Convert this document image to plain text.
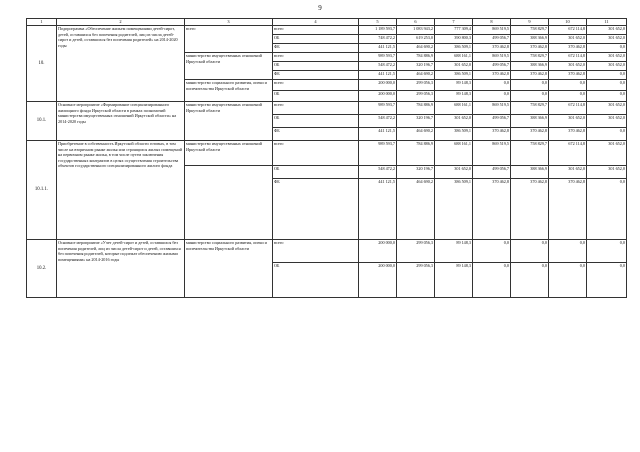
9
1	2	3	4	5	6	7	8	9	10	11
10.	Подпрограмма «Обеспечение жильем помещениями детей-сирот, детей, оставшихся без попечения родителей, лиц из числа детей-сирот и детей, оставшихся без попечения родителей» на 2014-2020 годы	всего	всего	1 189 593,7	1 083 943,2	777 309,4	869 519,5	758 829,7	672 114,8	301 652,0
			ОБ	748 472,2	619 253,0	390 800,3	499 056,7	388 366,9	301 652,0	301 652,0
			ФБ	441 121,5	464 690,2	386 509,1	370 462,8	370 462,8	370 462,8	0,0
		министерство имущественных отношений Иркутской области	всего	989 593,7	784 886,9	688 161,1	869 519,5	758 829,7	672 114,8	301 652,0
			ОБ	548 472,2	320 196,7	301 652,0	499 056,7	388 366,9	301 652,0	301 652,0
			ФБ	441 121,5	464 690,2	386 509,1	370 462,8	370 462,8	370 462,8	0,0
		министерство социального развития, опеки и попечительства Иркутской области	всего	200 000,0	299 056,3	89 148,3	0,0	0,0	0,0	0,0
			ОБ	200 000,0	299 056,3	89 148,3	0,0	0,0	0,0	0,0
10.1.	Основное мероприятие «Формирование специализированного жилищного фонда Иркутской области в рамках полномочий министерства имущественных отношений Иркутской области» на 2014-2020 годы	министерство имущественных отношений Иркутской области	всего	989 593,7	784 886,9	688 161,1	869 519,5	758 829,7	672 114,8	301 652,0
			ОБ	548 472,2	320 196,7	301 652,0	499 056,7	388 366,9	301 652,0	301 652,0
			ФБ	441 121,5	464 690,2	386 509,1	370 462,8	370 462,8	370 462,8	0,0
10.1.1.	Приобретение в собственность Иркутской области готовых, в том числе на вторичном рынке жилья или строящихся жилых помещений на первичном рынке жилья, в том числе путем заключения государственных контрактов в целях осуществления строительства объектов государственного специализированного жилого фонда	министерство имущественных отношений Иркутской области	всего	989 593,7	784 886,9	688 161,1	869 519,5	758 829,7	672 114,8	301 652,0
			ОБ	548 472,2	320 196,7	301 652,0	499 056,7	388 366,9	301 652,0	301 652,0
			ФБ	441 121,5	464 690,2	386 509,1	370 462,8	370 462,8	370 462,8	0,0
10.2.	Основное мероприятие «Учет детей-сирот и детей, оставшихся без попечения родителей, лиц из числа детей-сирот и детей, оставшихся без попечения родителей, которые подлежат обеспечению жилыми помещениями» на 2014-2016 годы	министерство социального развития, опеки и попечительства Иркутской области	всего	200 000,0	299 056,3	89 148,3	0,0	0,0	0,0	0,0
			ОБ	200 000,0	299 056,3	89 148,3	0,0	0,0	0,0	0,0
